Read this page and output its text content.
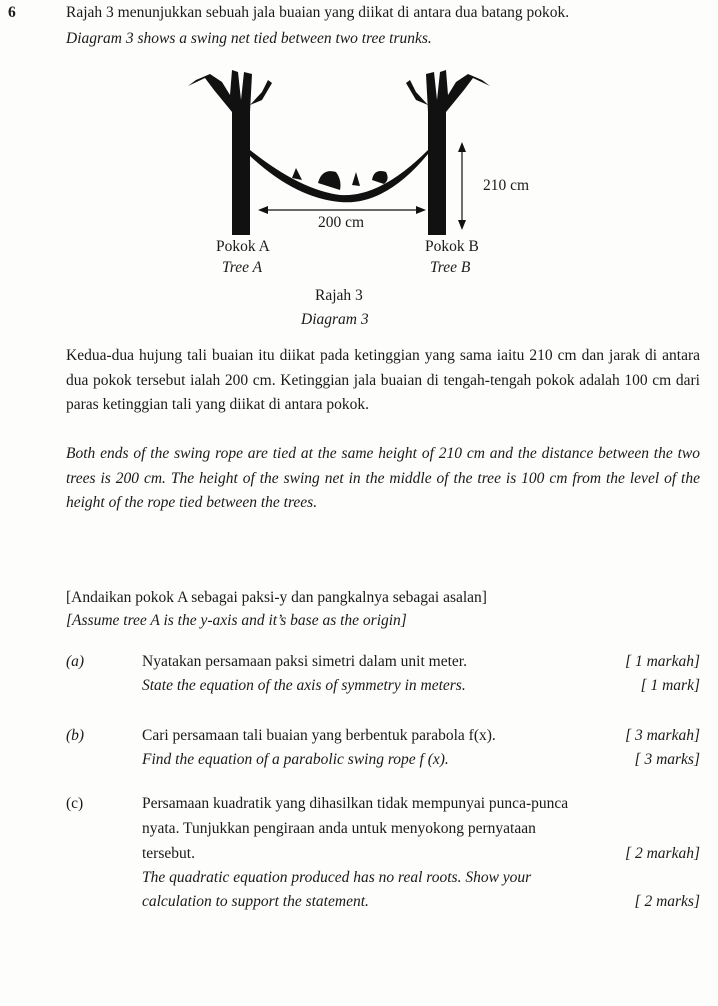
6	Rajah 3 menunjukkan sebuah jala buaian yang diikat di antara dua batang pokok.
Diagram 3 shows a swing net tied between two tree trunks.
210 cm
200 cm
Pokok A
Tree A
Pokok B
Tree B
Rajah 3
Diagram 3
Kedua-dua hujung tali buaian itu diikat pada ketinggian yang sama iaitu 210 cm dan jarak di antara dua pokok tersebut ialah 200 cm. Ketinggian jala buaian di tengah-tengah pokok adalah 100 cm dari paras ketinggian tali yang diikat di antara pokok.
Both ends of the swing rope are tied at the same height of 210 cm and the distance between the two trees is 200 cm. The height of the swing net in the middle of the tree is 100 cm from the level of the height of the rope tied between the trees.
[Andaikan pokok A sebagai paksi-y dan pangkalnya sebagai asalan]
[Assume tree A is the y-axis and it’s base as the origin]
(a)	Nyatakan persamaan paksi simetri dalam unit meter.	[ 1 markah]
State the equation of the axis of symmetry in meters.	[ 1 mark]
(b)	Cari persamaan tali buaian yang berbentuk parabola f(x).	[ 3 markah]
Find the equation of a parabolic swing rope f (x).	[ 3 marks]
(c)	Persamaan kuadratik yang dihasilkan tidak mempunyai punca-punca
nyata. Tunjukkan pengiraan anda untuk menyokong pernyataan
tersebut.	[ 2 markah]
The quadratic equation produced has no real roots. Show your
calculation to support the statement.	[ 2 marks]
